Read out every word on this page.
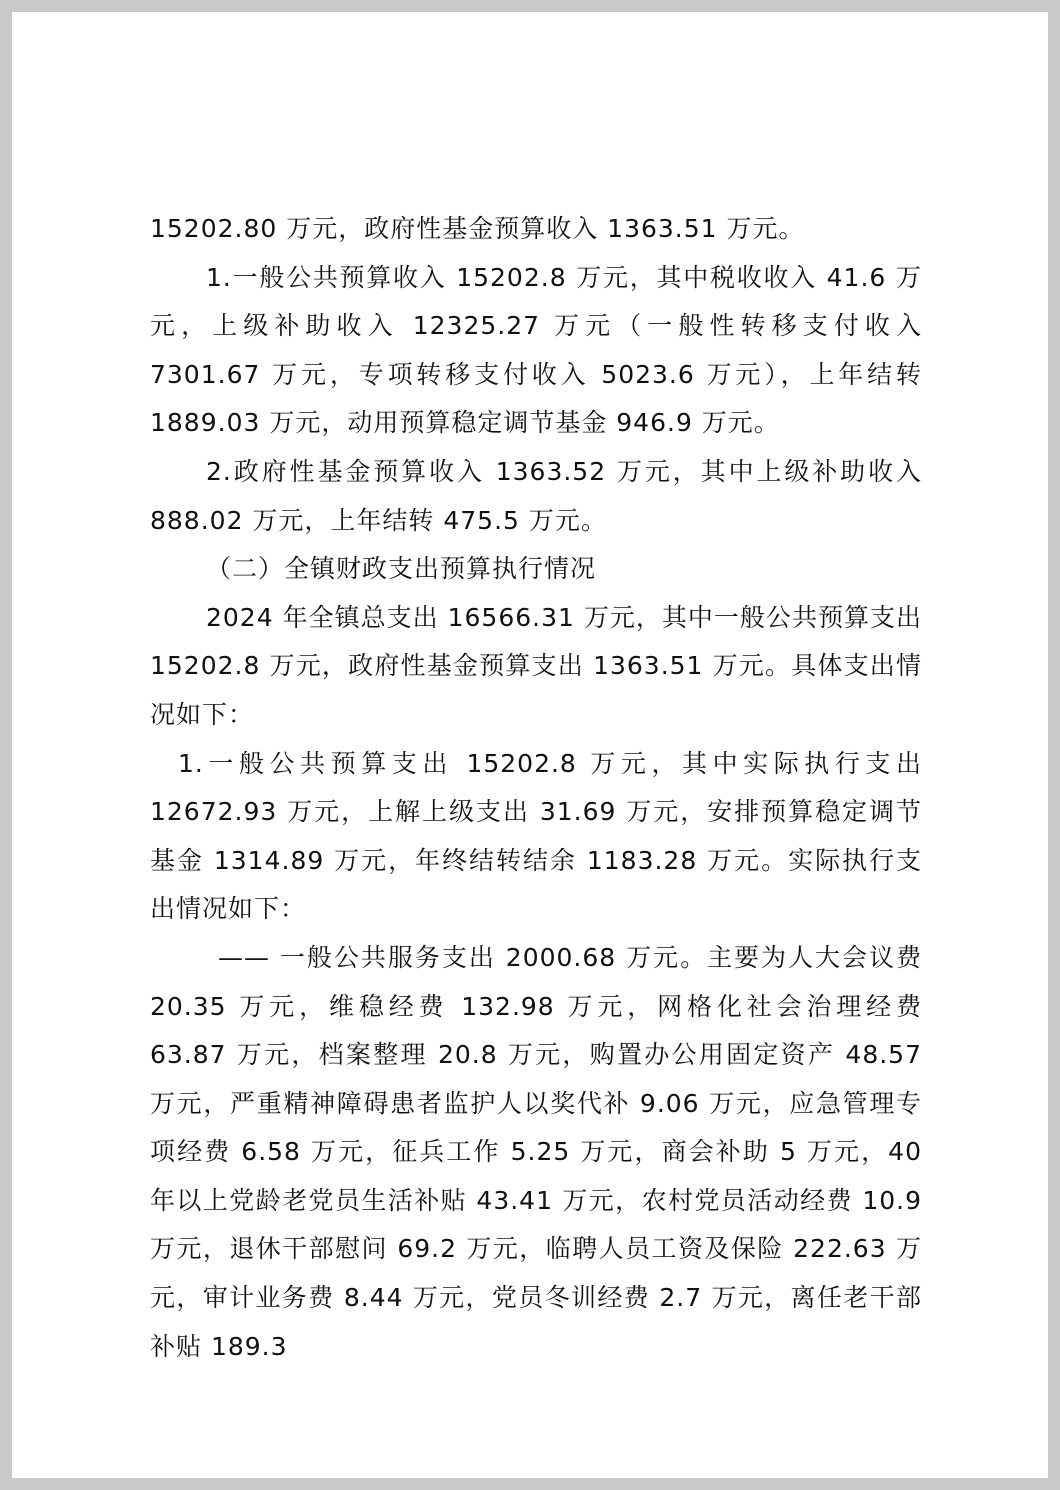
15202.80 万元，政府性基金预算收入 1363.51 万元。

1.一般公共预算收入 15202.8 万元，其中税收收入 41.6 万元，上级补助收入 12325.27 万元（一般性转移支付收入 7301.67 万元，专项转移支付收入 5023.6 万元），上年结转 1889.03 万元，动用预算稳定调节基金 946.9 万元。

2.政府性基金预算收入 1363.52 万元，其中上级补助收入 888.02 万元，上年结转 475.5 万元。

（二）全镇财政支出预算执行情况

2024 年全镇总支出 16566.31 万元，其中一般公共预算支出 15202.8 万元，政府性基金预算支出 1363.51 万元。具体支出情况如下：

1.一般公共预算支出 15202.8 万元，其中实际执行支出 12672.93 万元，上解上级支出 31.69 万元，安排预算稳定调节基金 1314.89 万元，年终结转结余 1183.28 万元。实际执行支出情况如下：

—— 一般公共服务支出 2000.68 万元。主要为人大会议费 20.35 万元，维稳经费 132.98 万元，网格化社会治理经费 63.87 万元，档案整理 20.8 万元，购置办公用固定资产 48.57 万元，严重精神障碍患者监护人以奖代补 9.06 万元，应急管理专项经费 6.58 万元，征兵工作 5.25 万元，商会补助 5 万元，40 年以上党龄老党员生活补贴 43.41 万元，农村党员活动经费 10.9 万元，退休干部慰问 69.2 万元，临聘人员工资及保险 222.63 万元，审计业务费 8.44 万元，党员冬训经费 2.7 万元，离任老干部补贴 189.3
